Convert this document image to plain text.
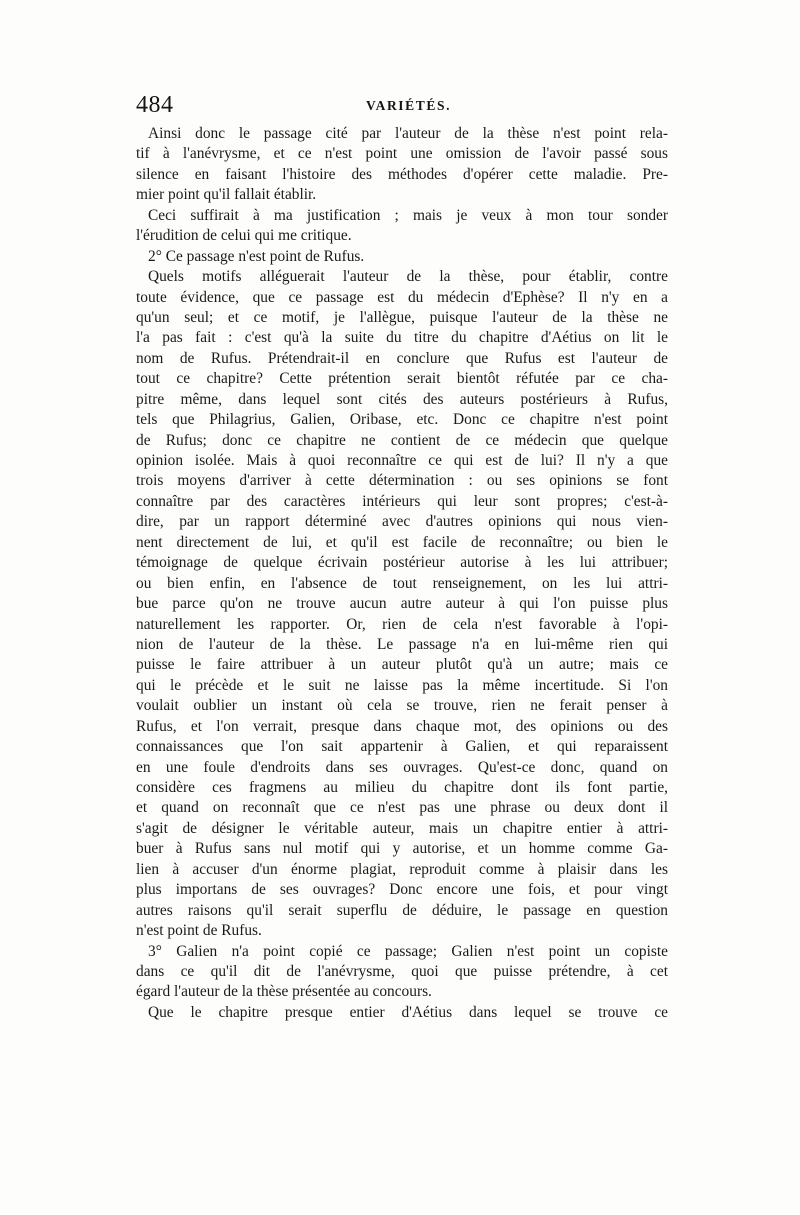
484	VARIÉTÉS.
Ainsi donc le passage cité par l'auteur de la thèse n'est point rela-
tif à l'anévrysme, et ce n'est point une omission de l'avoir passé sous
silence en faisant l'histoire des méthodes d'opérer cette maladie. Pre-
mier point qu'il fallait établir.
Ceci suffirait à ma justification ; mais je veux à mon tour sonder
l'érudition de celui qui me critique.
2° Ce passage n'est point de Rufus.
Quels motifs alléguerait l'auteur de la thèse, pour établir, contre
toute évidence, que ce passage est du médecin d'Ephèse? Il n'y en a
qu'un seul; et ce motif, je l'allègue, puisque l'auteur de la thèse ne
l'a pas fait : c'est qu'à la suite du titre du chapitre d'Aétius on lit le
nom de Rufus. Prétendrait-il en conclure que Rufus est l'auteur de
tout ce chapitre? Cette prétention serait bientôt réfutée par ce cha-
pitre même, dans lequel sont cités des auteurs postérieurs à Rufus,
tels que Philagrius, Galien, Oribase, etc. Donc ce chapitre n'est point
de Rufus; donc ce chapitre ne contient de ce médecin que quelque
opinion isolée. Mais à quoi reconnaître ce qui est de lui? Il n'y a que
trois moyens d'arriver à cette détermination : ou ses opinions se font
connaître par des caractères intérieurs qui leur sont propres; c'est-à-
dire, par un rapport déterminé avec d'autres opinions qui nous vien-
nent directement de lui, et qu'il est facile de reconnaître; ou bien le
témoignage de quelque écrivain postérieur autorise à les lui attribuer;
ou bien enfin, en l'absence de tout renseignement, on les lui attri-
bue parce qu'on ne trouve aucun autre auteur à qui l'on puisse plus
naturellement les rapporter. Or, rien de cela n'est favorable à l'opi-
nion de l'auteur de la thèse. Le passage n'a en lui-même rien qui
puisse le faire attribuer à un auteur plutôt qu'à un autre; mais ce
qui le précède et le suit ne laisse pas la même incertitude. Si l'on
voulait oublier un instant où cela se trouve, rien ne ferait penser à
Rufus, et l'on verrait, presque dans chaque mot, des opinions ou des
connaissances que l'on sait appartenir à Galien, et qui reparaissent
en une foule d'endroits dans ses ouvrages. Qu'est-ce donc, quand on
considère ces fragmens au milieu du chapitre dont ils font partie,
et quand on reconnaît que ce n'est pas une phrase ou deux dont il
s'agit de désigner le véritable auteur, mais un chapitre entier à attri-
buer à Rufus sans nul motif qui y autorise, et un homme comme Ga-
lien à accuser d'un énorme plagiat, reproduit comme à plaisir dans les
plus importans de ses ouvrages? Donc encore une fois, et pour vingt
autres raisons qu'il serait superflu de déduire, le passage en question
n'est point de Rufus.
3° Galien n'a point copié ce passage; Galien n'est point un copiste
dans ce qu'il dit de l'anévrysme, quoi que puisse prétendre, à cet
égard l'auteur de la thèse présentée au concours.
Que le chapitre presque entier d'Aétius dans lequel se trouve ce
